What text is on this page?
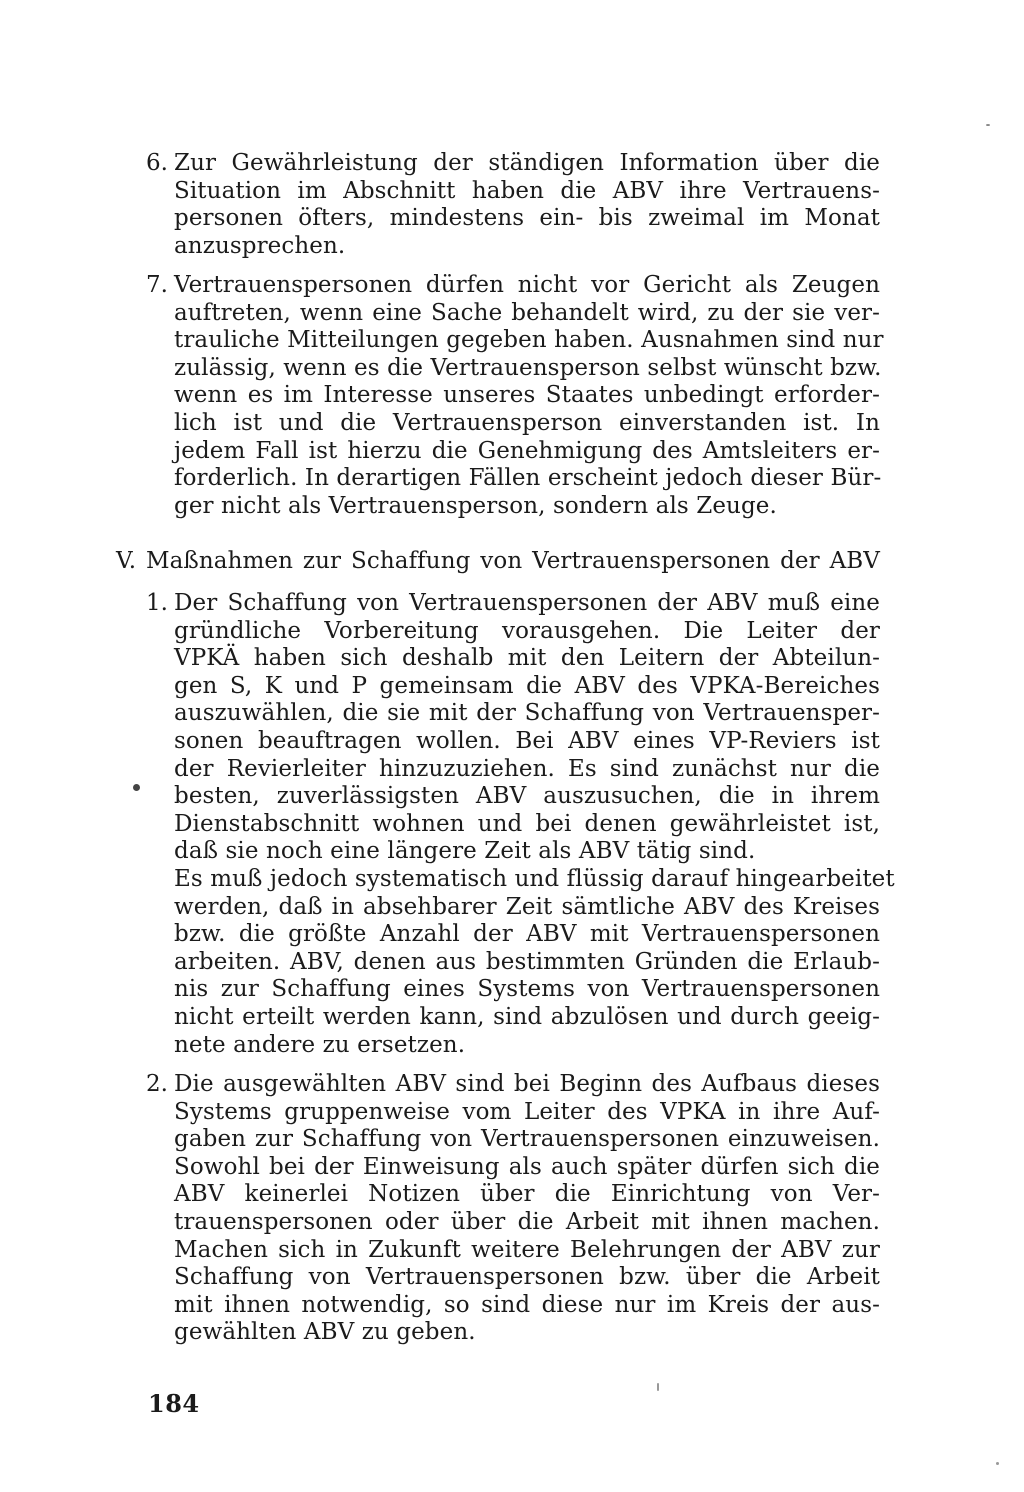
6. Zur Gewährleistung der ständigen Information über die
Situation im Abschnitt haben die ABV ihre Vertrauens-
personen öfters, mindestens ein- bis zweimal im Monat
anzusprechen.
7. Vertrauenspersonen dürfen nicht vor Gericht als Zeugen
auftreten, wenn eine Sache behandelt wird, zu der sie ver-
trauliche Mitteilungen gegeben haben. Ausnahmen sind nur
zulässig, wenn es die Vertrauensperson selbst wünscht bzw.
wenn es im Interesse unseres Staates unbedingt erforder-
lich ist und die Vertrauensperson einverstanden ist. In
jedem Fall ist hierzu die Genehmigung des Amtsleiters er-
forderlich. In derartigen Fällen erscheint jedoch dieser Bür-
ger nicht als Vertrauensperson, sondern als Zeuge.
V. Maßnahmen zur Schaffung von Vertrauenspersonen der ABV
1. Der Schaffung von Vertrauenspersonen der ABV muß eine
gründliche Vorbereitung vorausgehen. Die Leiter der
VPKÄ haben sich deshalb mit den Leitern der Abteilun-
gen S, K und P gemeinsam die ABV des VPKA-Bereiches
auszuwählen, die sie mit der Schaffung von Vertrauensper-
sonen beauftragen wollen. Bei ABV eines VP-Reviers ist
der Revierleiter hinzuzuziehen. Es sind zunächst nur die
besten, zuverlässigsten ABV auszusuchen, die in ihrem
Dienstabschnitt wohnen und bei denen gewährleistet ist,
daß sie noch eine längere Zeit als ABV tätig sind.
Es muß jedoch systematisch und flüssig darauf hingearbeitet
werden, daß in absehbarer Zeit sämtliche ABV des Kreises
bzw. die größte Anzahl der ABV mit Vertrauenspersonen
arbeiten. ABV, denen aus bestimmten Gründen die Erlaub-
nis zur Schaffung eines Systems von Vertrauenspersonen
nicht erteilt werden kann, sind abzulösen und durch geeig-
nete andere zu ersetzen.
2. Die ausgewählten ABV sind bei Beginn des Aufbaus dieses
Systems gruppenweise vom Leiter des VPKA in ihre Auf-
gaben zur Schaffung von Vertrauenspersonen einzuweisen.
Sowohl bei der Einweisung als auch später dürfen sich die
ABV keinerlei Notizen über die Einrichtung von Ver-
trauenspersonen oder über die Arbeit mit ihnen machen.
Machen sich in Zukunft weitere Belehrungen der ABV zur
Schaffung von Vertrauenspersonen bzw. über die Arbeit
mit ihnen notwendig, so sind diese nur im Kreis der aus-
gewählten ABV zu geben.
184
